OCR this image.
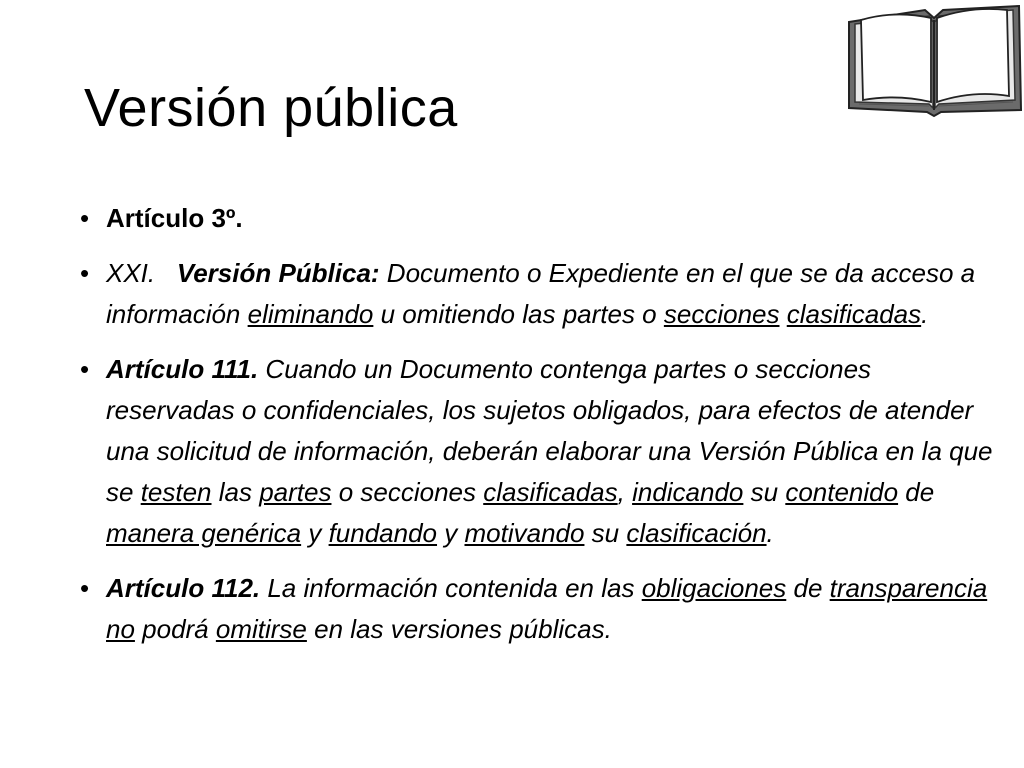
Versión pública
• Artículo 3º.
• XXI. Versión Pública: Documento o Expediente en el que se da acceso a información eliminando u omitiendo las partes o secciones clasificadas.
• Artículo 111. Cuando un Documento contenga partes o secciones reservadas o confidenciales, los sujetos obligados, para efectos de atender una solicitud de información, deberán elaborar una Versión Pública en la que se testen las partes o secciones clasificadas, indicando su contenido de manera genérica y fundando y motivando su clasificación.
• Artículo 112. La información contenida en las obligaciones de transparencia no podrá omitirse en las versiones públicas.
